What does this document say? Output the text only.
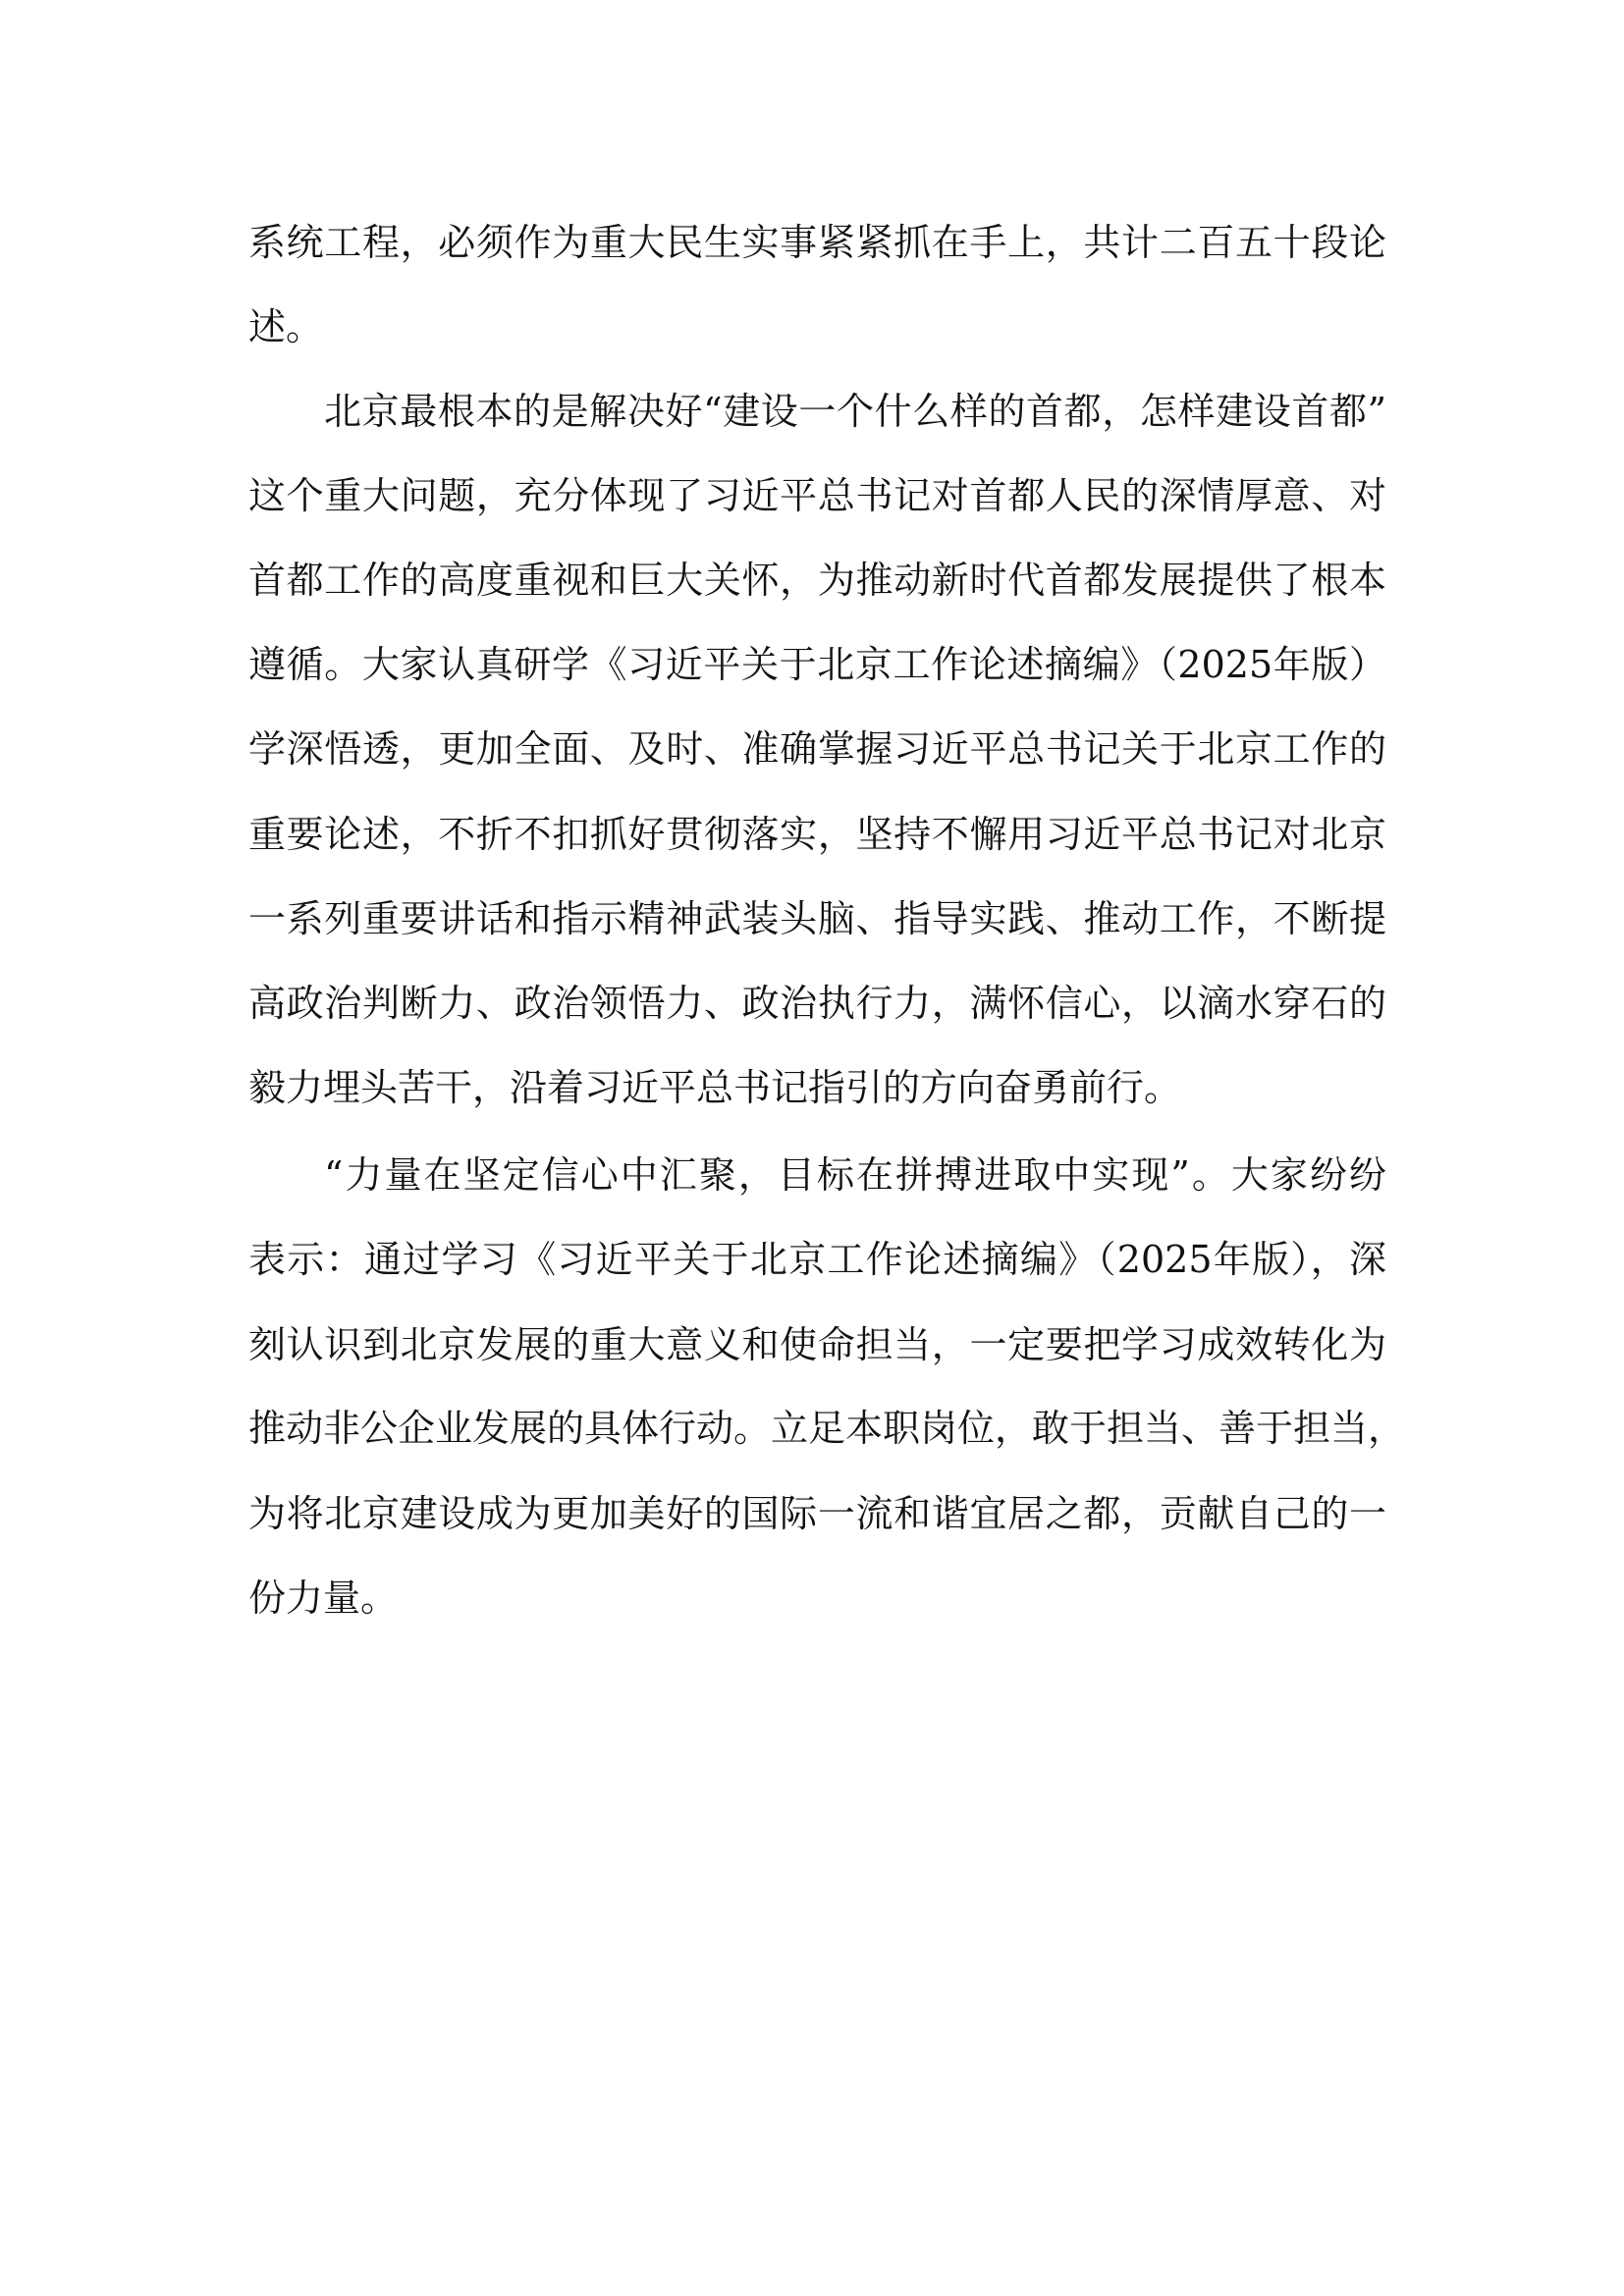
系统工程，必须作为重大民生实事紧紧抓在手上，共计二百五十段论
述。
北京最根本的是解决好“建设一个什么样的首都，怎样建设首都”
这个重大问题，充分体现了习近平总书记对首都人民的深情厚意、对
首都工作的高度重视和巨大关怀，为推动新时代首都发展提供了根本
遵循。大家认真研学《习近平关于北京工作论述摘编》（2025年版）
学深悟透，更加全面、及时、准确掌握习近平总书记关于北京工作的
重要论述，不折不扣抓好贯彻落实，坚持不懈用习近平总书记对北京
一系列重要讲话和指示精神武装头脑、指导实践、推动工作，不断提
高政治判断力、政治领悟力、政治执行力，满怀信心，以滴水穿石的
毅力埋头苦干，沿着习近平总书记指引的方向奋勇前行。
“力量在坚定信心中汇聚，目标在拼搏进取中实现”。大家纷纷
表示：通过学习《习近平关于北京工作论述摘编》（2025年版），深
刻认识到北京发展的重大意义和使命担当，一定要把学习成效转化为
推动非公企业发展的具体行动。立足本职岗位，敢于担当、善于担当，
为将北京建设成为更加美好的国际一流和谐宜居之都，贡献自己的一
份力量。
